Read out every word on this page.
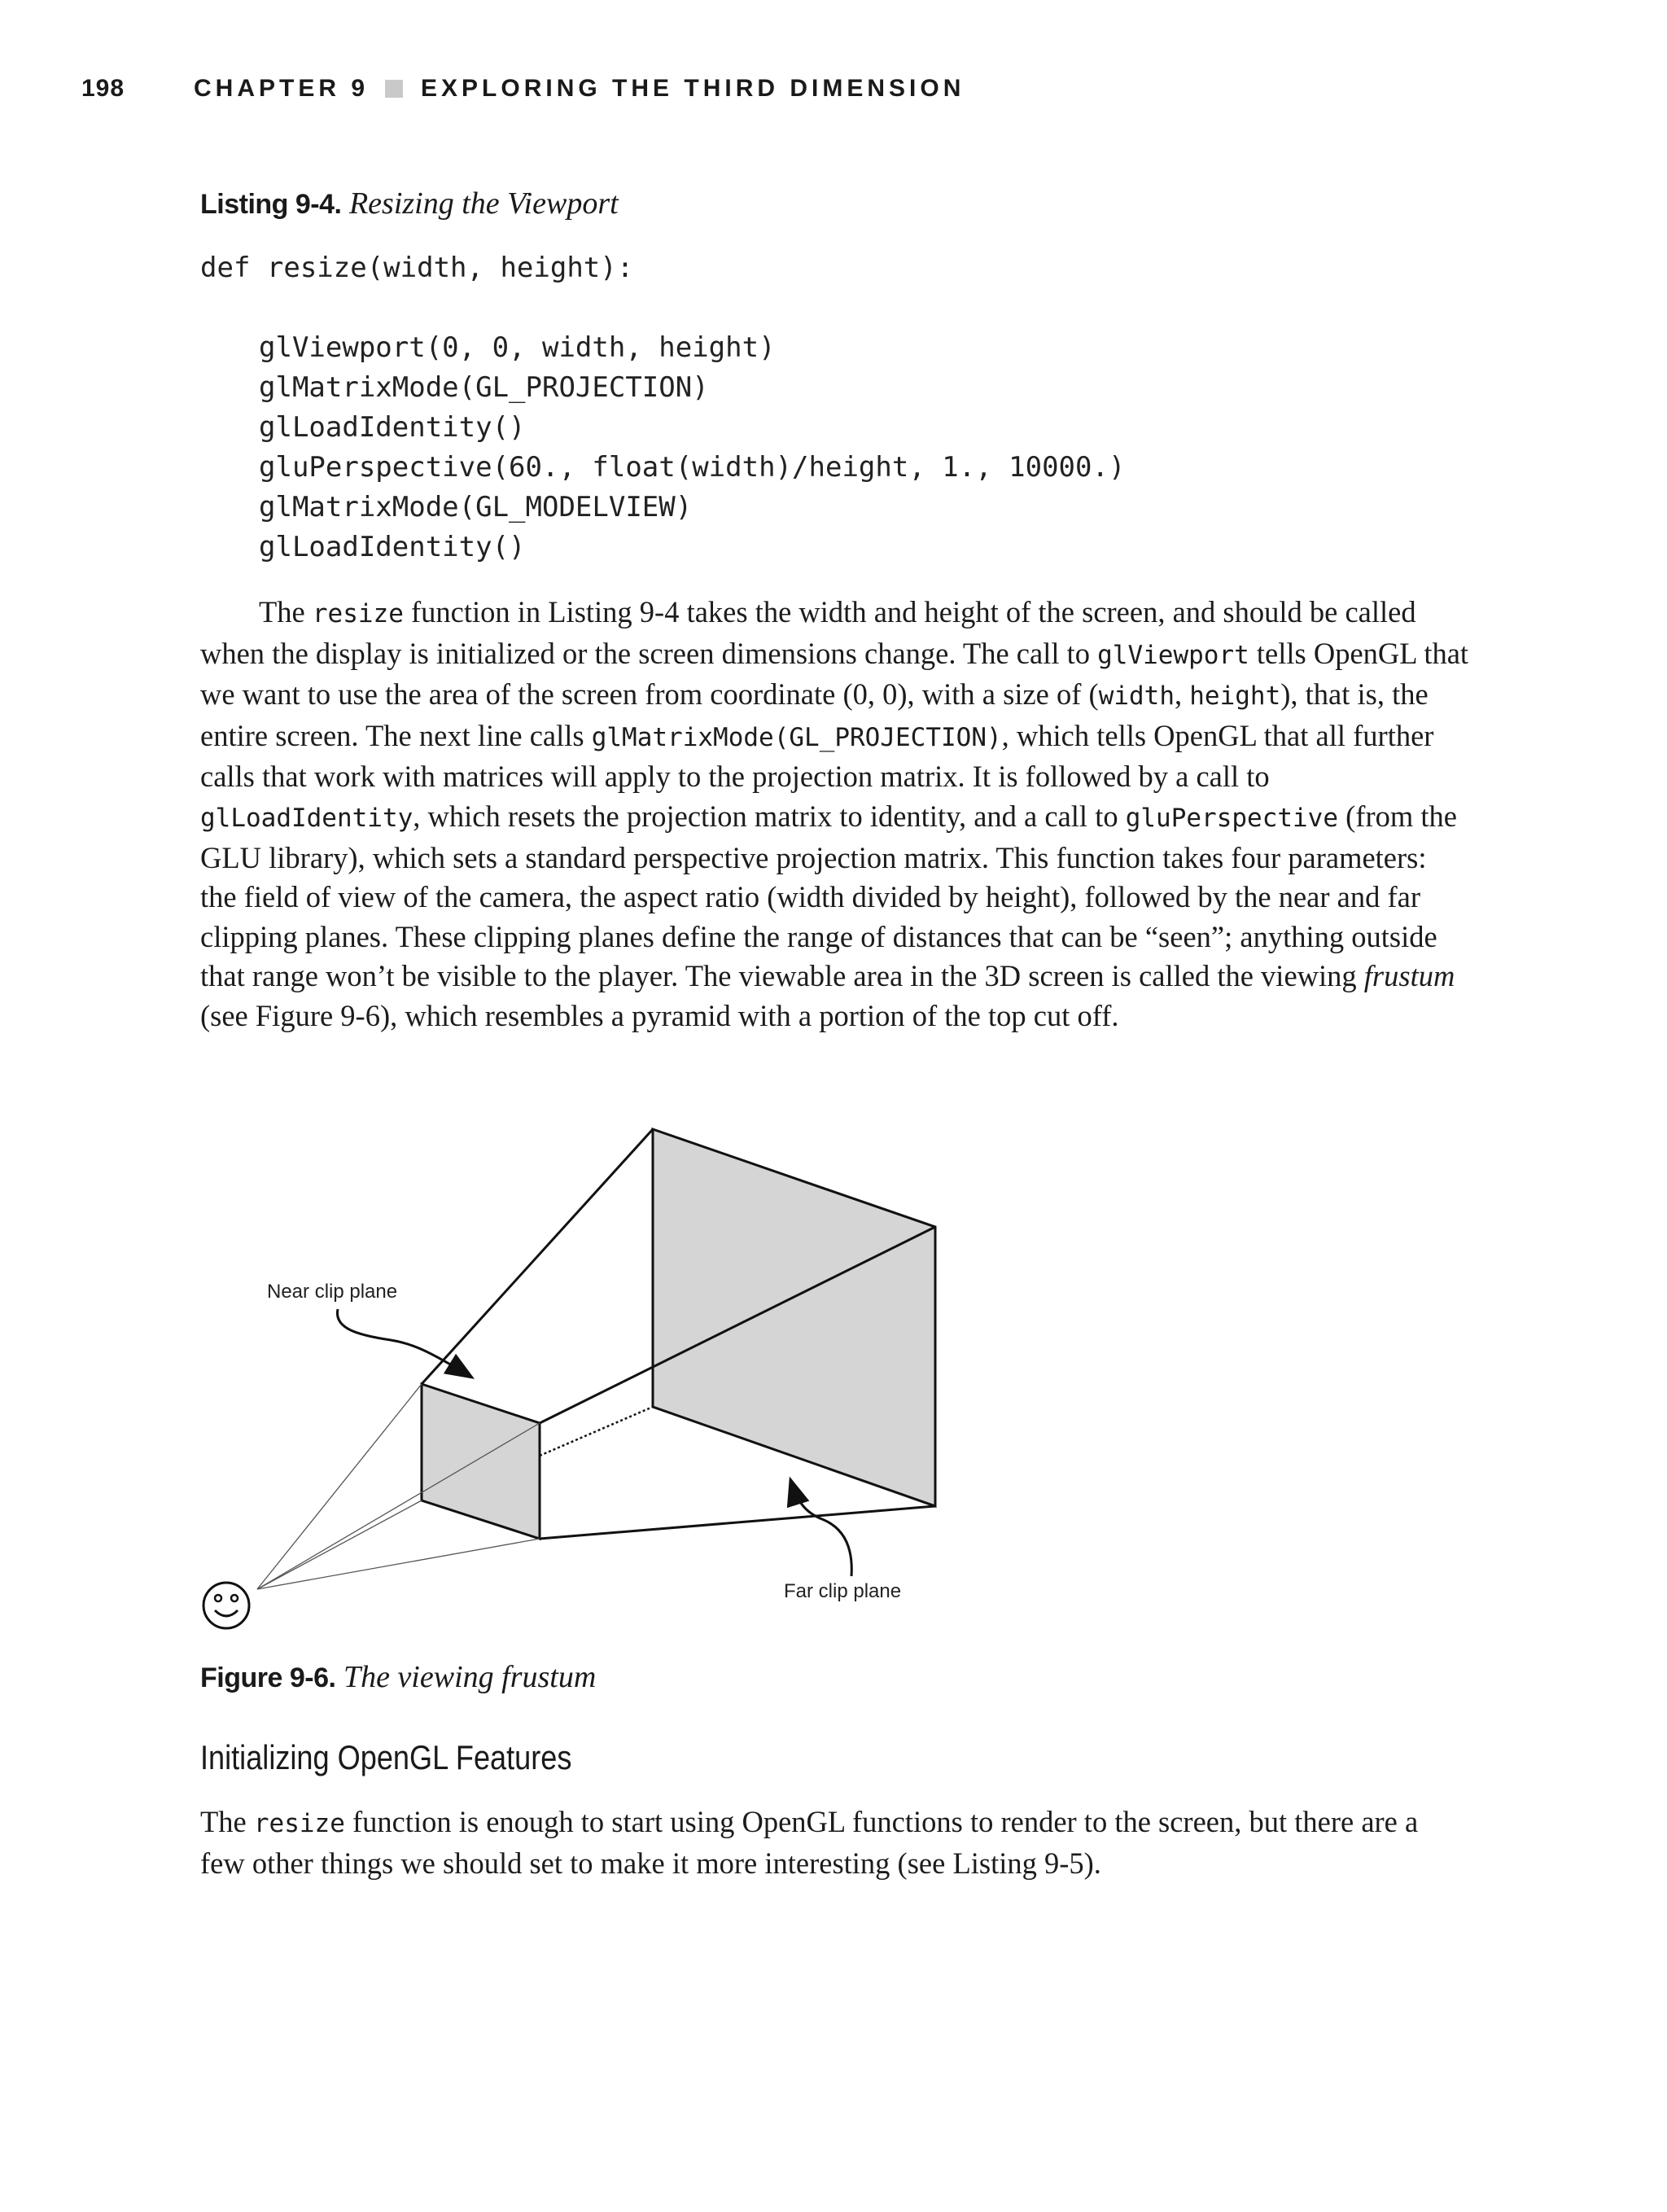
198	CHAPTER 9 EXPLORING THE THIRD DIMENSION
Listing 9-4. Resizing the Viewport
def resize(width, height):
glViewport(0, 0, width, height)
glMatrixMode(GL_PROJECTION)
glLoadIdentity()
gluPerspective(60., float(width)/height, 1., 10000.)
glMatrixMode(GL_MODELVIEW)
glLoadIdentity()

The resize function in Listing 9-4 takes the width and height of the screen, and should be called when the display is initialized or the screen dimensions change. The call to glViewport tells OpenGL that we want to use the area of the screen from coordinate (0, 0), with a size of (width, height), that is, the entire screen. The next line calls glMatrixMode(GL_PROJECTION), which tells OpenGL that all further calls that work with matrices will apply to the projection matrix. It is followed by a call to glLoadIdentity, which resets the projection matrix to identity, and a call to gluPerspective (from the GLU library), which sets a standard perspective projection matrix. This function takes four parameters: the field of view of the camera, the aspect ratio (width divided by height), followed by the near and far clipping planes. These clipping planes define the range of distances that can be “seen”; anything outside that range won’t be visible to the player. The viewable area in the 3D screen is called the viewing frustum (see Figure 9-6), which resembles a pyramid with a portion of the top cut off.

Near clip plane
Far clip plane
Figure 9-6. The viewing frustum
Initializing OpenGL Features

The resize function is enough to start using OpenGL functions to render to the screen, but there are a few other things we should set to make it more interesting (see Listing 9-5).
